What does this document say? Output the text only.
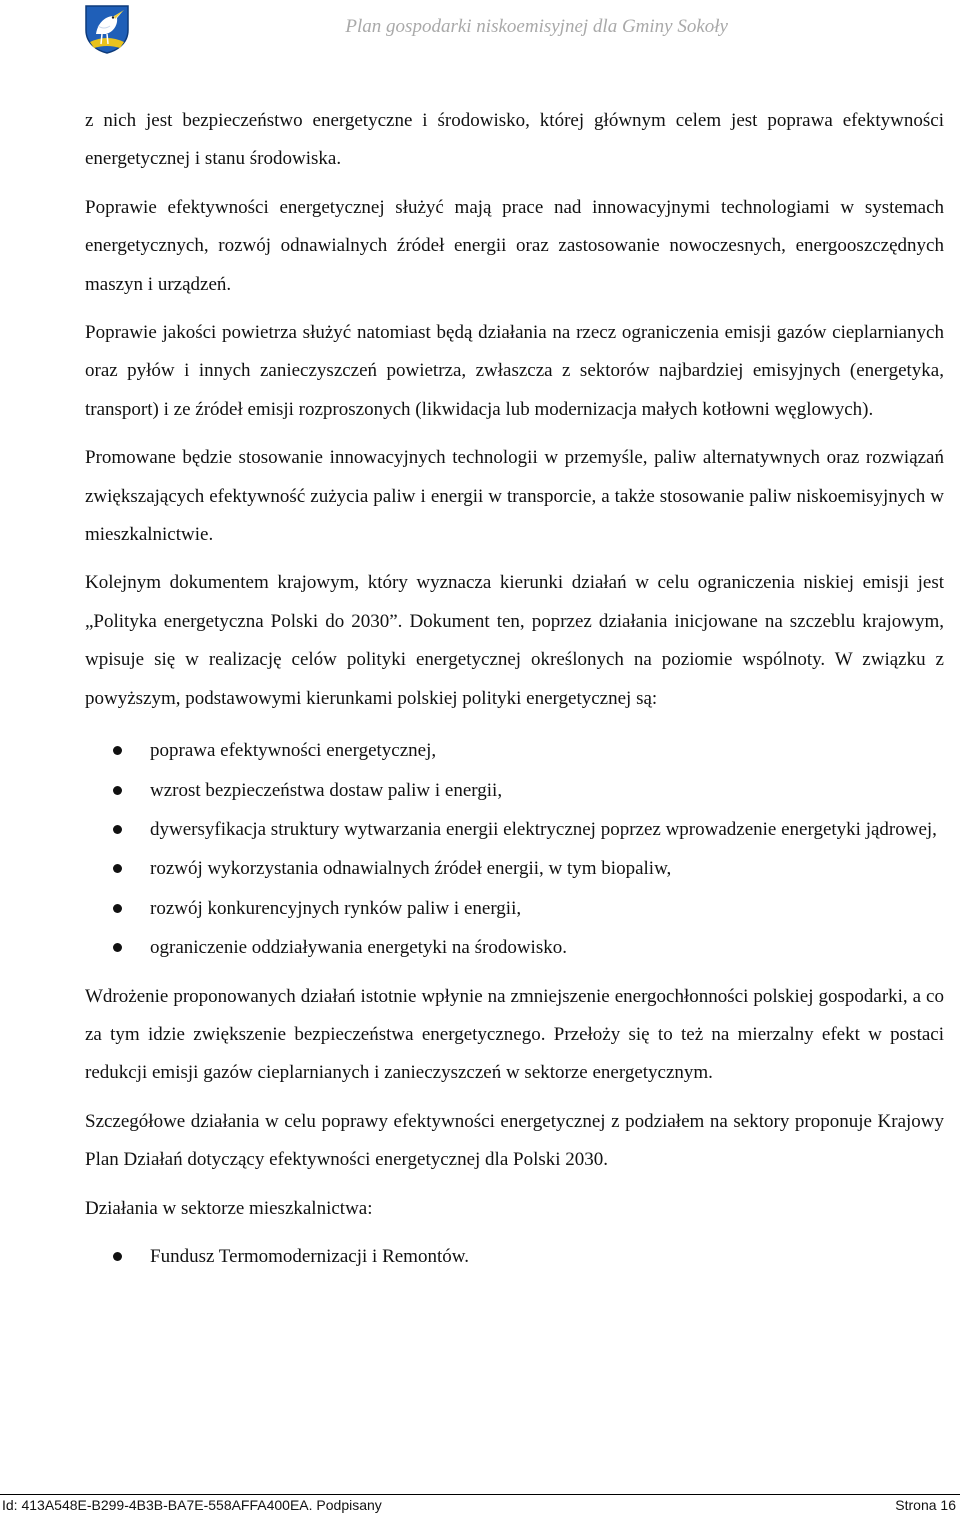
Plan gospodarki niskoemisyjnej dla Gminy Sokoły

z nich jest bezpieczeństwo energetyczne i środowisko, której głównym celem jest poprawa efektywności energetycznej i stanu środowiska.

Poprawie efektywności energetycznej służyć mają prace nad innowacyjnymi technologiami w systemach energetycznych, rozwój odnawialnych źródeł energii oraz zastosowanie nowoczesnych, energooszczędnych maszyn i urządzeń.

Poprawie jakości powietrza służyć natomiast będą działania na rzecz ograniczenia emisji gazów cieplarnianych oraz pyłów i innych zanieczyszczeń powietrza, zwłaszcza z sektorów najbardziej emisyjnych (energetyka, transport) i ze źródeł emisji rozproszonych (likwidacja lub modernizacja małych kotłowni węglowych).

Promowane będzie stosowanie innowacyjnych technologii w przemyśle, paliw alternatywnych oraz rozwiązań zwiększających efektywność zużycia paliw i energii w transporcie, a także stosowanie paliw niskoemisyjnych w mieszkalnictwie.

Kolejnym dokumentem krajowym, który wyznacza kierunki działań w celu ograniczenia niskiej emisji jest „Polityka energetyczna Polski do 2030”. Dokument ten, poprzez działania inicjowane na szczeblu krajowym, wpisuje się w realizację celów polityki energetycznej określonych na poziomie wspólnoty. W związku z powyższym, podstawowymi kierunkami polskiej polityki energetycznej są:

poprawa efektywności energetycznej,
wzrost bezpieczeństwa dostaw paliw i energii,
dywersyfikacja struktury wytwarzania energii elektrycznej poprzez wprowadzenie energetyki jądrowej,
rozwój wykorzystania odnawialnych źródeł energii, w tym biopaliw,
rozwój konkurencyjnych rynków paliw i energii,
ograniczenie oddziaływania energetyki na środowisko.

Wdrożenie proponowanych działań istotnie wpłynie na zmniejszenie energochłonności polskiej gospodarki, a co za tym idzie zwiększenie bezpieczeństwa energetycznego. Przełoży się to też na mierzalny efekt w postaci redukcji emisji gazów cieplarnianych i zanieczyszczeń w sektorze energetycznym.

Szczegółowe działania w celu poprawy efektywności energetycznej z podziałem na sektory proponuje Krajowy Plan Działań dotyczący efektywności energetycznej dla Polski 2030.

Działania w sektorze mieszkalnictwa:

Fundusz Termomodernizacji i Remontów.
Id: 413A548E-B299-4B3B-BA7E-558AFFA400EA. Podpisany	Strona 16
